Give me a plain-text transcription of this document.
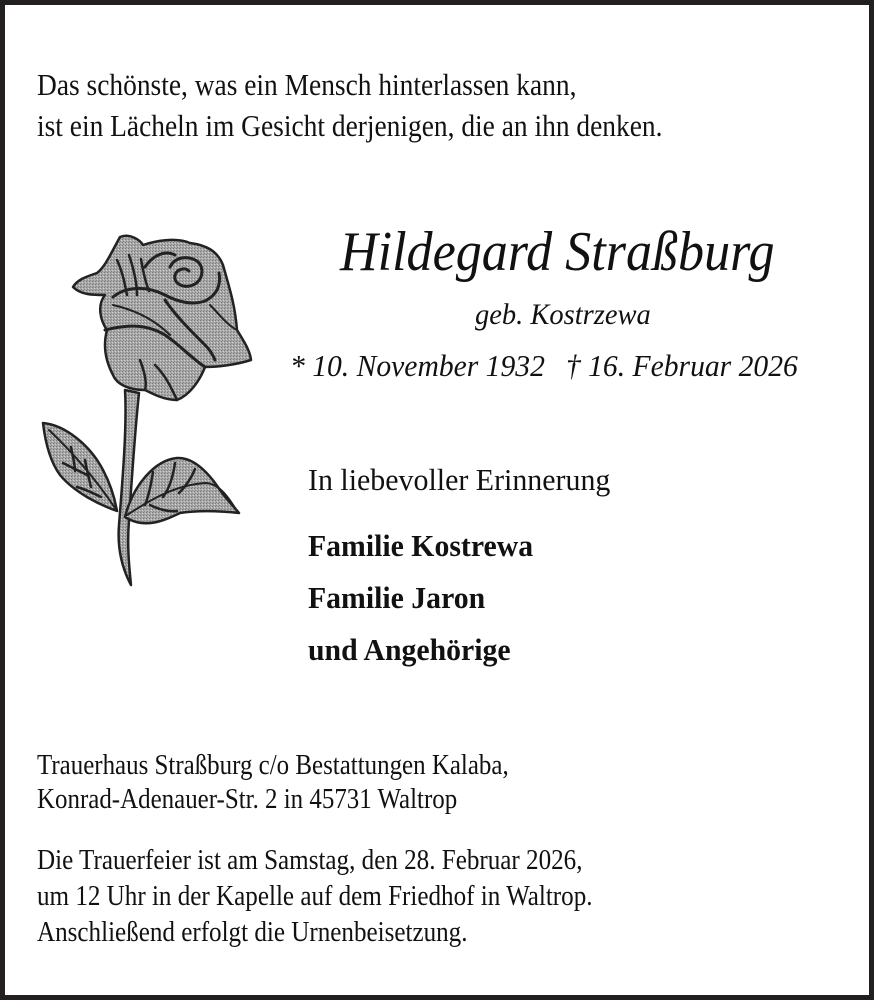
Das schönste, was ein Mensch hinterlassen kann,
ist ein Lächeln im Gesicht derjenigen, die an ihn denken.
Hildegard Straßburg
geb. Kostrzewa
* 10. November 1932 † 16. Februar 2026
In liebevoller Erinnerung
Familie Kostrewa
Familie Jaron
und Angehörige
Trauerhaus Straßburg c/o Bestattungen Kalaba,
Konrad-Adenauer-Str. 2 in 45731 Waltrop
Die Trauerfeier ist am Samstag, den 28. Februar 2026,
um 12 Uhr in der Kapelle auf dem Friedhof in Waltrop.
Anschließend erfolgt die Urnenbeisetzung.
